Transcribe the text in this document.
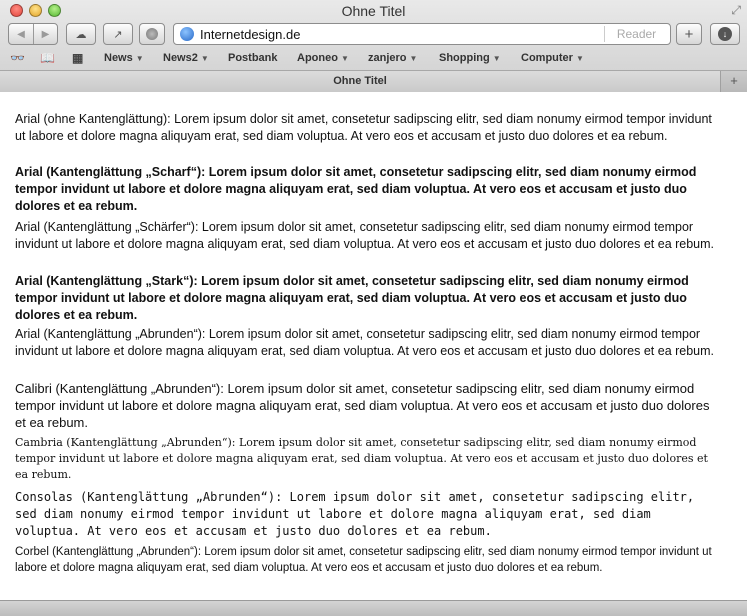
Ohne Titel	⤢
◀	▶	☁ ↗	Internetdesign.de	Reader	+	↓
👓 📖 ▦ News ▼ News2 ▼ Postbank Aponeo ▼ zanjero ▼ Shopping ▼ Computer ▼
Ohne Titel	+

Arial (ohne Kantenglättung): Lorem ipsum dolor sit amet, consetetur sadipscing elitr, sed diam nonumy eirmod tempor invidunt ut labore et dolore magna aliquyam erat, sed diam voluptua. At vero eos et accusam et justo duo dolores et ea rebum.

Arial (Kantenglättung „Scharf“): Lorem ipsum dolor sit amet, consetetur sadipscing elitr, sed diam nonumy eirmod tempor invidunt ut labore et dolore magna aliquyam erat, sed diam voluptua. At vero eos et accusam et justo duo dolores et ea rebum.

Arial (Kantenglättung „Schärfer“): Lorem ipsum dolor sit amet, consetetur sadipscing elitr, sed diam nonumy eirmod tempor invidunt ut labore et dolore magna aliquyam erat, sed diam voluptua. At vero eos et accusam et justo duo dolores et ea rebum.

Arial (Kantenglättung „Stark“): Lorem ipsum dolor sit amet, consetetur sadipscing elitr, sed diam nonumy eirmod tempor invidunt ut labore et dolore magna aliquyam erat, sed diam voluptua. At vero eos et accusam et justo duo dolores et ea rebum.

Arial (Kantenglättung „Abrunden“): Lorem ipsum dolor sit amet, consetetur sadipscing elitr, sed diam nonumy eirmod tempor invidunt ut labore et dolore magna aliquyam erat, sed diam voluptua. At vero eos et accusam et justo duo dolores et ea rebum.

Calibri (Kantenglättung „Abrunden“): Lorem ipsum dolor sit amet, consetetur sadipscing elitr, sed diam nonumy eirmod tempor invidunt ut labore et dolore magna aliquyam erat, sed diam voluptua. At vero eos et accusam et justo duo dolores et ea rebum.

Cambria (Kantenglättung „Abrunden“): Lorem ipsum dolor sit amet, consetetur sadipscing elitr, sed diam nonumy eirmod tempor invidunt ut labore et dolore magna aliquyam erat, sed diam voluptua. At vero eos et accusam et justo duo dolores et ea rebum.

Consolas (Kantenglättung „Abrunden“): Lorem ipsum dolor sit amet, consetetur sadipscing elitr, sed diam nonumy eirmod tempor invidunt ut labore et dolore magna aliquyam erat, sed diam voluptua. At vero eos et accusam et justo duo dolores et ea rebum.

Corbel (Kantenglättung „Abrunden“): Lorem ipsum dolor sit amet, consetetur sadipscing elitr, sed diam nonumy eirmod tempor invidunt ut labore et dolore magna aliquyam erat, sed diam voluptua. At vero eos et accusam et justo duo dolores et ea rebum.
